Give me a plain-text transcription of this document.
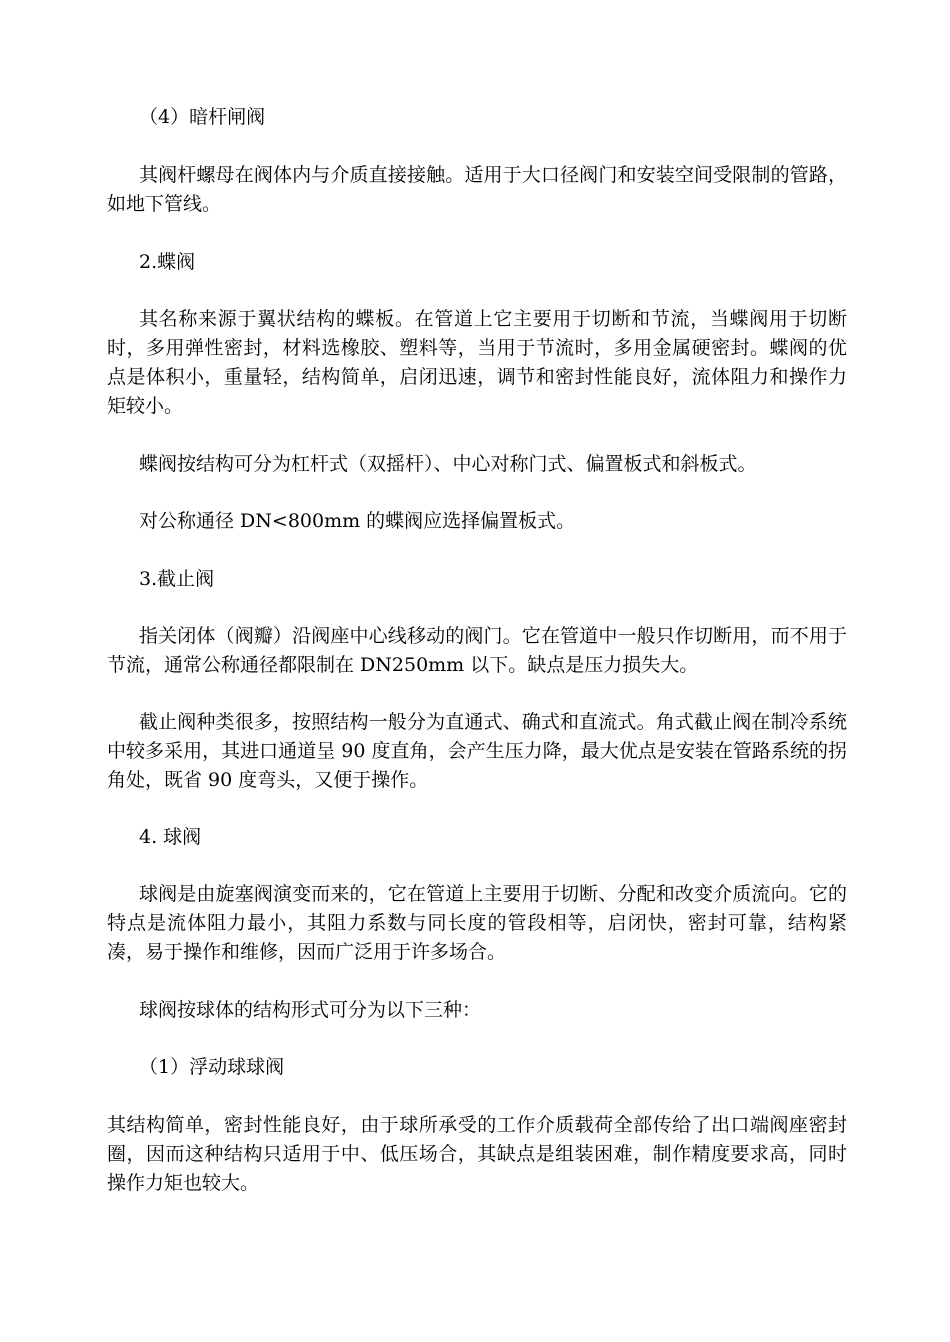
（4）暗杆闸阀

其阀杆螺母在阀体内与介质直接接触。适用于大口径阀门和安装空间受限制的管路，如地下管线。

2.蝶阀

其名称来源于翼状结构的蝶板。在管道上它主要用于切断和节流，当蝶阀用于切断时，多用弹性密封，材料选橡胶、塑料等，当用于节流时，多用金属硬密封。蝶阀的优点是体积小，重量轻，结构简单，启闭迅速，调节和密封性能良好，流体阻力和操作力矩较小。

蝶阀按结构可分为杠杆式（双摇杆）、中心对称门式、偏置板式和斜板式。

对公称通径 DN<800mm 的蝶阀应选择偏置板式。

3.截止阀

指关闭体（阀瓣）沿阀座中心线移动的阀门。它在管道中一般只作切断用，而不用于节流，通常公称通径都限制在 DN250mm 以下。缺点是压力损失大。

截止阀种类很多，按照结构一般分为直通式、确式和直流式。角式截止阀在制冷系统中较多采用，其进口通道呈 90 度直角，会产生压力降，最大优点是安装在管路系统的拐角处，既省 90 度弯头，又便于操作。

4. 球阀

球阀是由旋塞阀演变而来的，它在管道上主要用于切断、分配和改变介质流向。它的特点是流体阻力最小，其阻力系数与同长度的管段相等，启闭快，密封可靠，结构紧凑，易于操作和维修，因而广泛用于许多场合。

球阀按球体的结构形式可分为以下三种：

（1）浮动球球阀

其结构简单，密封性能良好，由于球所承受的工作介质载荷全部传给了出口端阀座密封圈，因而这种结构只适用于中、低压场合，其缺点是组装困难，制作精度要求高，同时操作力矩也较大。
